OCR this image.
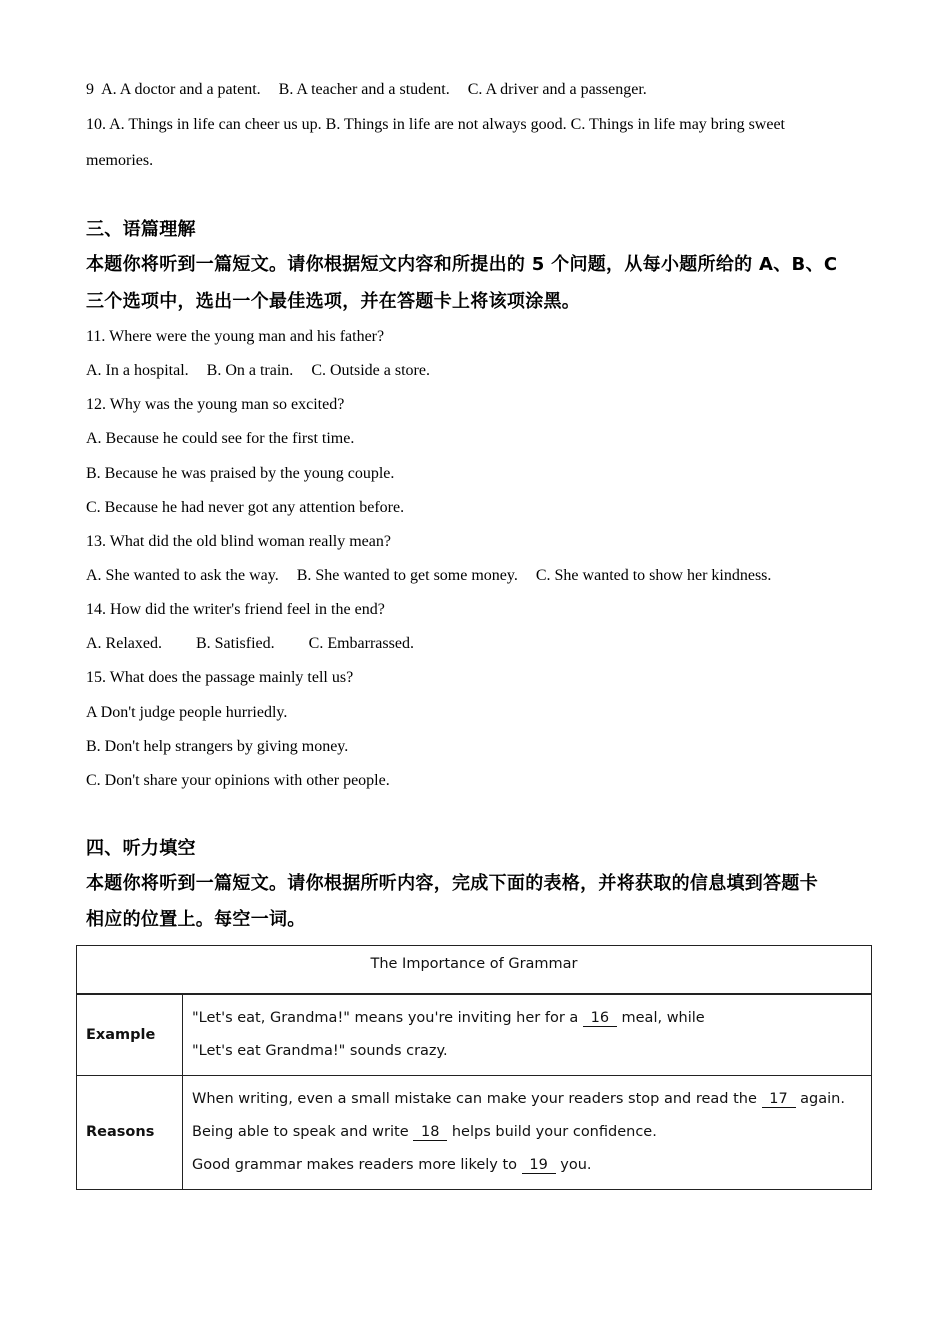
9 A. A doctor and a patent. B. A teacher and a student. C. A driver and a passenger.
10. A. Things in life can cheer us up. B. Things in life are not always good. C. Things in life may bring sweet
memories.
三、语篇理解
本题你将听到一篇短文。请你根据短文内容和所提出的 5 个问题，从每小题所给的 A、B、C
三个选项中，选出一个最佳选项，并在答题卡上将该项涂黑。
11. Where were the young man and his father?
A. In a hospital. B. On a train. C. Outside a store.
12. Why was the young man so excited?
A. Because he could see for the first time.
B. Because he was praised by the young couple.
C. Because he had never got any attention before.
13. What did the old blind woman really mean?
A. She wanted to ask the way. B. She wanted to get some money. C. She wanted to show her kindness.
14. How did the writer's friend feel in the end?
A. Relaxed. B. Satisfied. C. Embarrassed.
15. What does the passage mainly tell us?
A Don't judge people hurriedly.
B. Don't help strangers by giving money.
C. Don't share your opinions with other people.
四、听力填空
本题你将听到一篇短文。请你根据所听内容，完成下面的表格，并将获取的信息填到答题卡
相应的位置上。每空一词。
The Importance of Grammar	
Example	"Let's eat, Grandma!" means you're inviting her for a 16 meal, while
"Let's eat Grandma!" sounds crazy.

Reasons	When writing, even a small mistake can make your readers stop and read the 17 again.
Being able to speak and write 18 helps build your confidence.
Good grammar makes readers more likely to 19 you.
